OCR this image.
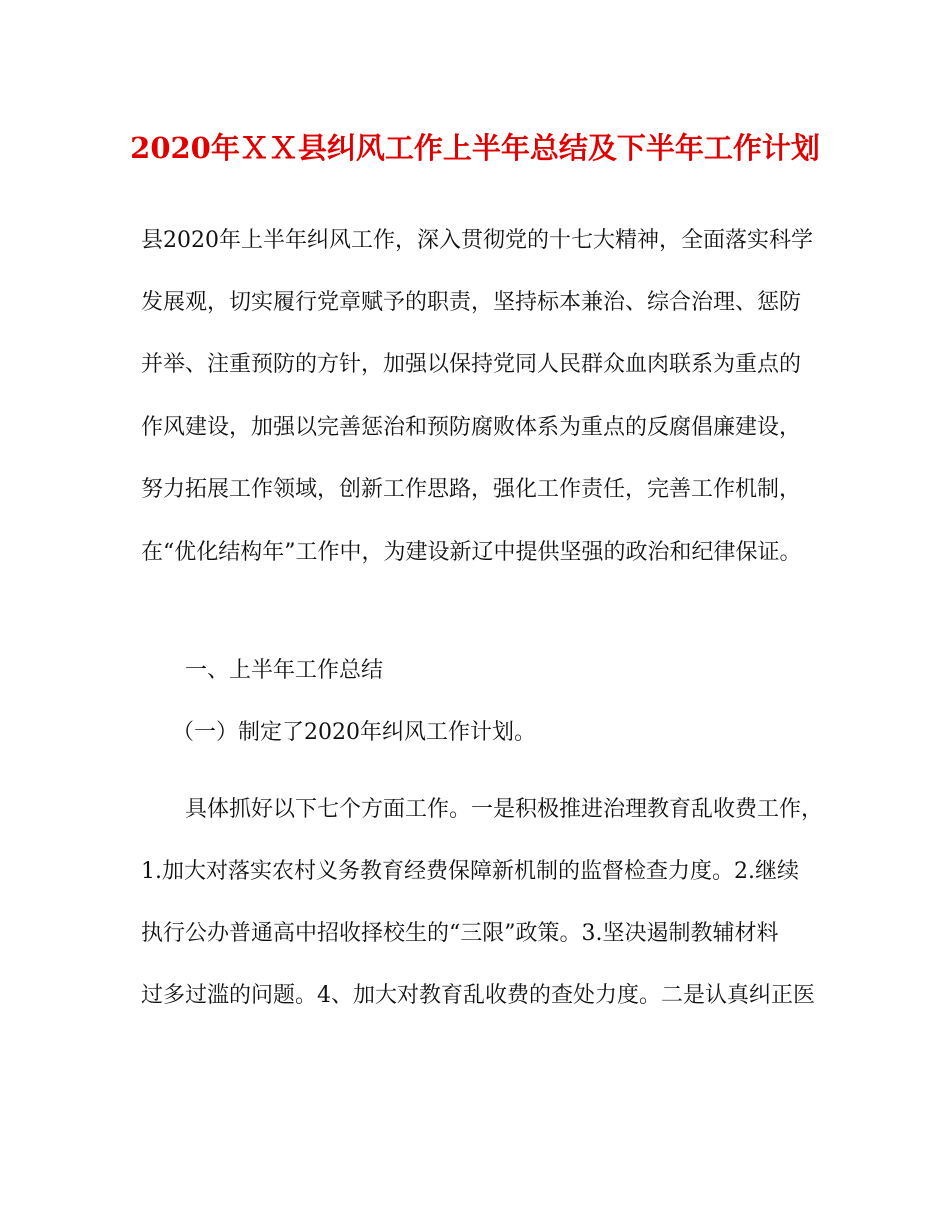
2020年ＸＸ县纠风工作上半年总结及下半年工作计划
县2020年上半年纠风工作，深入贯彻党的十七大精神，全面落实科学
发展观，切实履行党章赋予的职责，坚持标本兼治、综合治理、惩防
并举、注重预防的方针，加强以保持党同人民群众血肉联系为重点的
作风建设，加强以完善惩治和预防腐败体系为重点的反腐倡廉建设，
努力拓展工作领域，创新工作思路，强化工作责任，完善工作机制，
在“优化结构年”工作中，为建设新辽中提供坚强的政治和纪律保证。
一、上半年工作总结
（一）制定了2020年纠风工作计划。
具体抓好以下七个方面工作。一是积极推进治理教育乱收费工作，
1.加大对落实农村义务教育经费保障新机制的监督检查力度。2.继续
执行公办普通高中招收择校生的“三限”政策。3.坚决遏制教辅材料
过多过滥的问题。4、加大对教育乱收费的查处力度。二是认真纠正医
